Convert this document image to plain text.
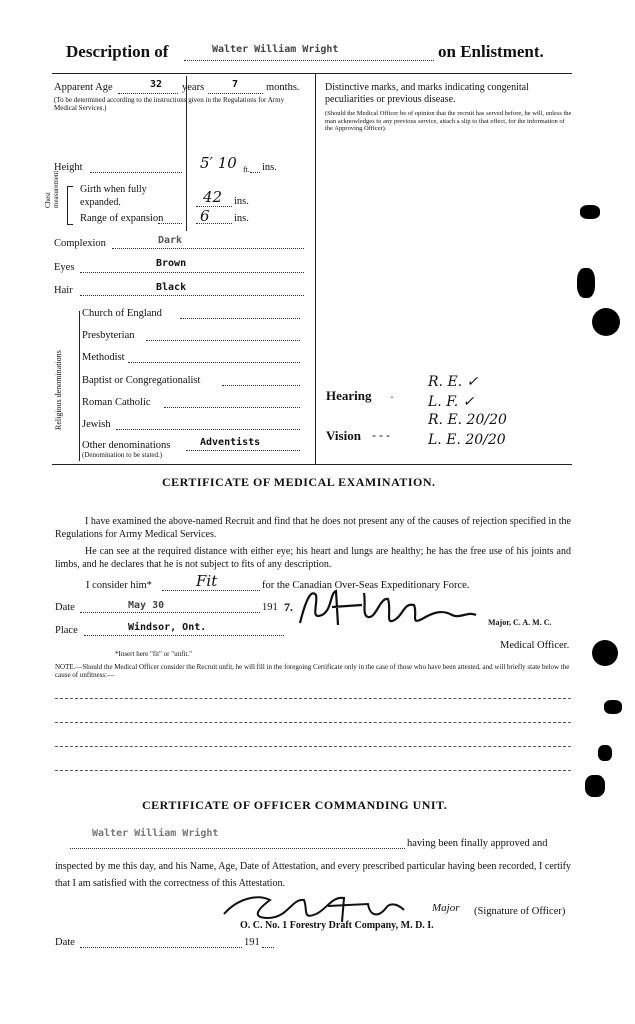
Description of	Walter William Wright	on Enlistment.
Apparent Age	32 years	7	months.
(To be determined according to the instructions given in the Regulations for Army Medical Services.)
Height	5′ 10 ft. ins.
Chest measurement Girth when fully expanded.	42 ins.
Range of expansion 6 ins.
Complexion	Dark
Eyes	Brown
Hair	Black
Religious denominations
Church of England
Presbyterian
Methodist
Baptist or Congregationalist
Roman Catholic
Jewish
Other denominations	Adventists
(Denomination to be stated.)
Distinctive marks, and marks indicating congenital peculiarities or previous disease.
(Should the Medical Officer be of opinion that the recruit has served before, he will, unless the man acknowledges to any previous service, attach a slip to that effect, for the information of the Approving Officer).
Hearing ·
R. E. ✓
L. F. ✓
Vision - - -
R. E. 20/20
L. E. 20/20
CERTIFICATE OF MEDICAL EXAMINATION.
I have examined the above-named Recruit and find that he does not present any of the causes of rejection specified in the Regulations for Army Medical Services.
He can see at the required distance with either eye; his heart and lungs are healthy; he has the free use of his joints and limbs, and he declares that he is not subject to fits of any description.
I consider him*	Fit	for the Canadian Over-Seas Expeditionary Force.
Date	May 30	191 7.
Place	Windsor, Ont.	Major, C. A. M. C.
Medical Officer.
*Insert here "fit" or "unfit."
NOTE.—Should the Medical Officer consider the Recruit unfit, he will fill in the foregoing Certificate only in the case of those who have been attested, and will briefly state below the cause of unfitness:—
CERTIFICATE OF OFFICER COMMANDING UNIT.
Walter William Wright
having been finally approved and
inspected by me this day, and his Name, Age, Date of Attestation, and every prescribed particular having been recorded, I certify that I am satisfied with the correctness of this Attestation.
Major (Signature of Officer)
O. C. No. 1 Forestry Draft Company, M. D. I.
Date	191
